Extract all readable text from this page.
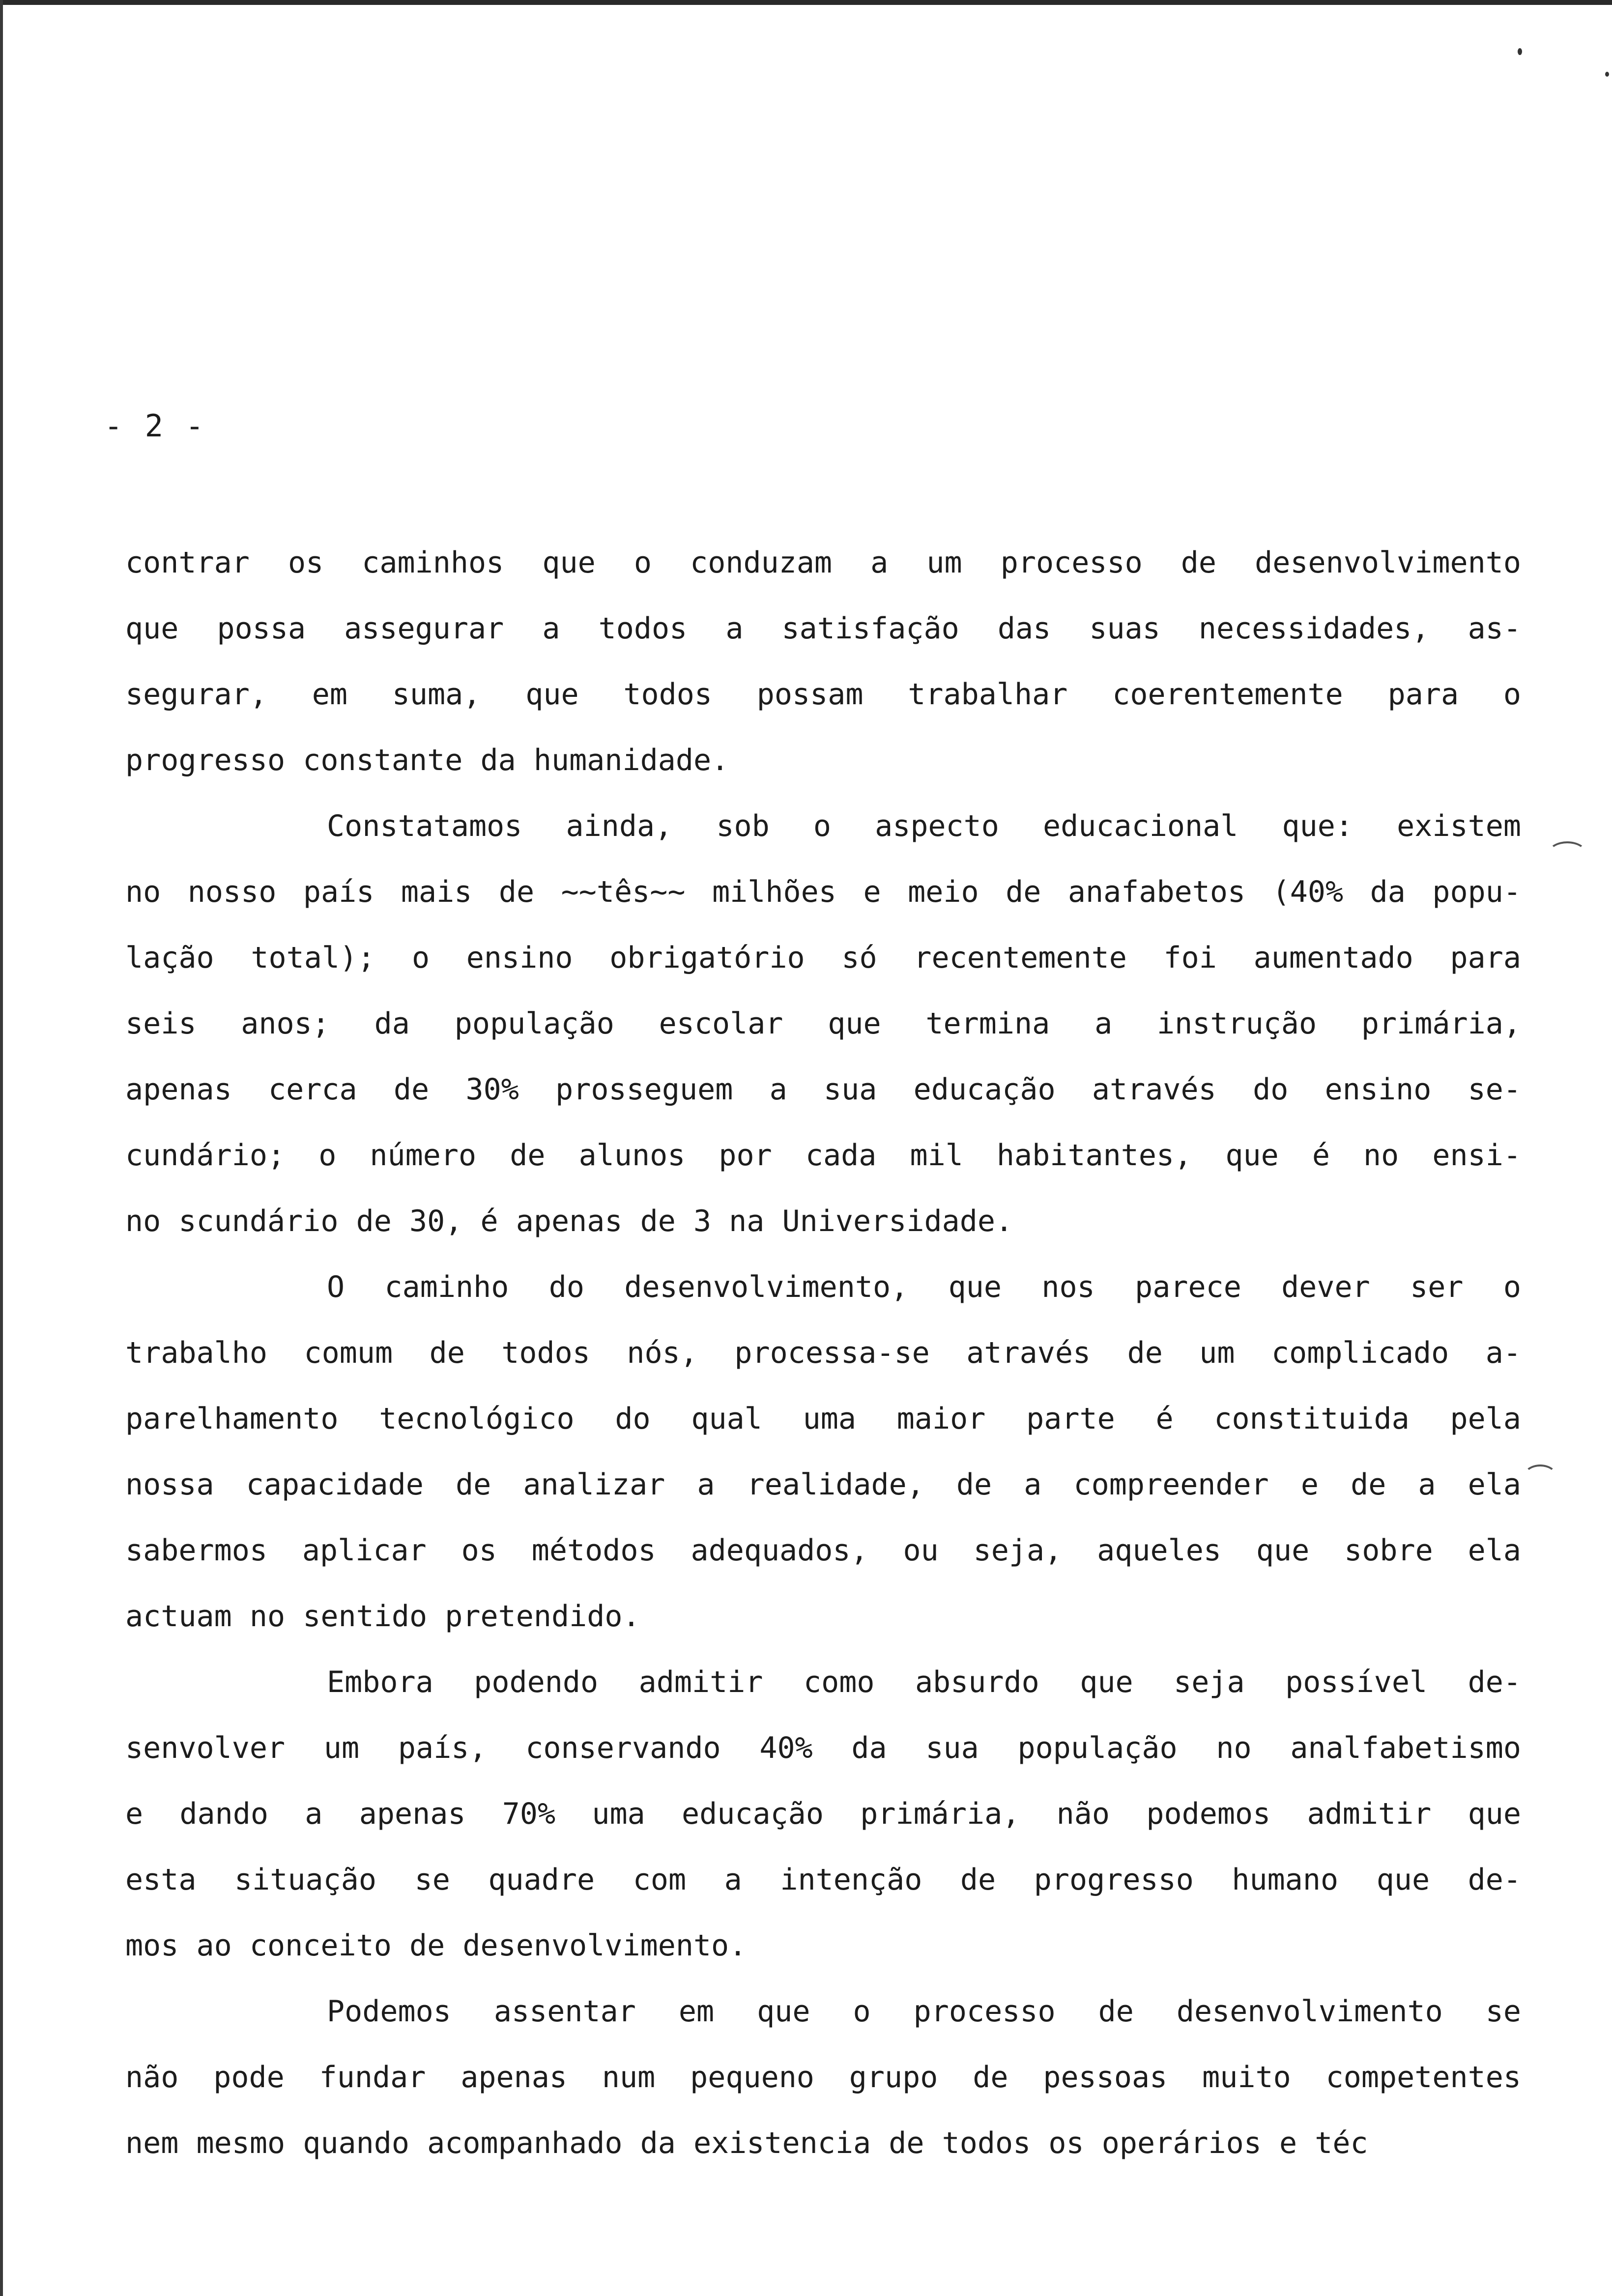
- 2 -
contrar os caminhos que o conduzam a um processo de desenvolvimento
que possa assegurar a todos a satisfação das suas necessidades, as-
segurar, em suma, que todos possam trabalhar coerentemente para o
progresso constante da humanidade.
Constatamos ainda, sob o aspecto educacional que: existem
no nosso país mais de ~~tês~~ milhões e meio de anafabetos (40% da popu-
lação total); o ensino obrigatório só recentemente foi aumentado para
seis anos; da população escolar que termina a instrução primária,
apenas cerca de 30% prosseguem a sua educação através do ensino se-
cundário; o número de alunos por cada mil habitantes, que é no ensi-
no scundário de 30, é apenas de 3 na Universidade.
O caminho do desenvolvimento, que nos parece dever ser o
trabalho comum de todos nós, processa-se através de um complicado a-
parelhamento tecnológico do qual uma maior parte é constituida pela
nossa capacidade de analizar a realidade, de a compreender e de a ela
sabermos aplicar os métodos adequados, ou seja, aqueles que sobre ela
actuam no sentido pretendido.
Embora podendo admitir como absurdo que seja possível de-
senvolver um país, conservando 40% da sua população no analfabetismo
e dando a apenas 70% uma educação primária, não podemos admitir que
esta situação se quadre com a intenção de progresso humano que de-
mos ao conceito de desenvolvimento.
Podemos assentar em que o processo de desenvolvimento se
não pode fundar apenas num pequeno grupo de pessoas muito competentes
nem mesmo quando acompanhado da existencia de todos os operários e téc
